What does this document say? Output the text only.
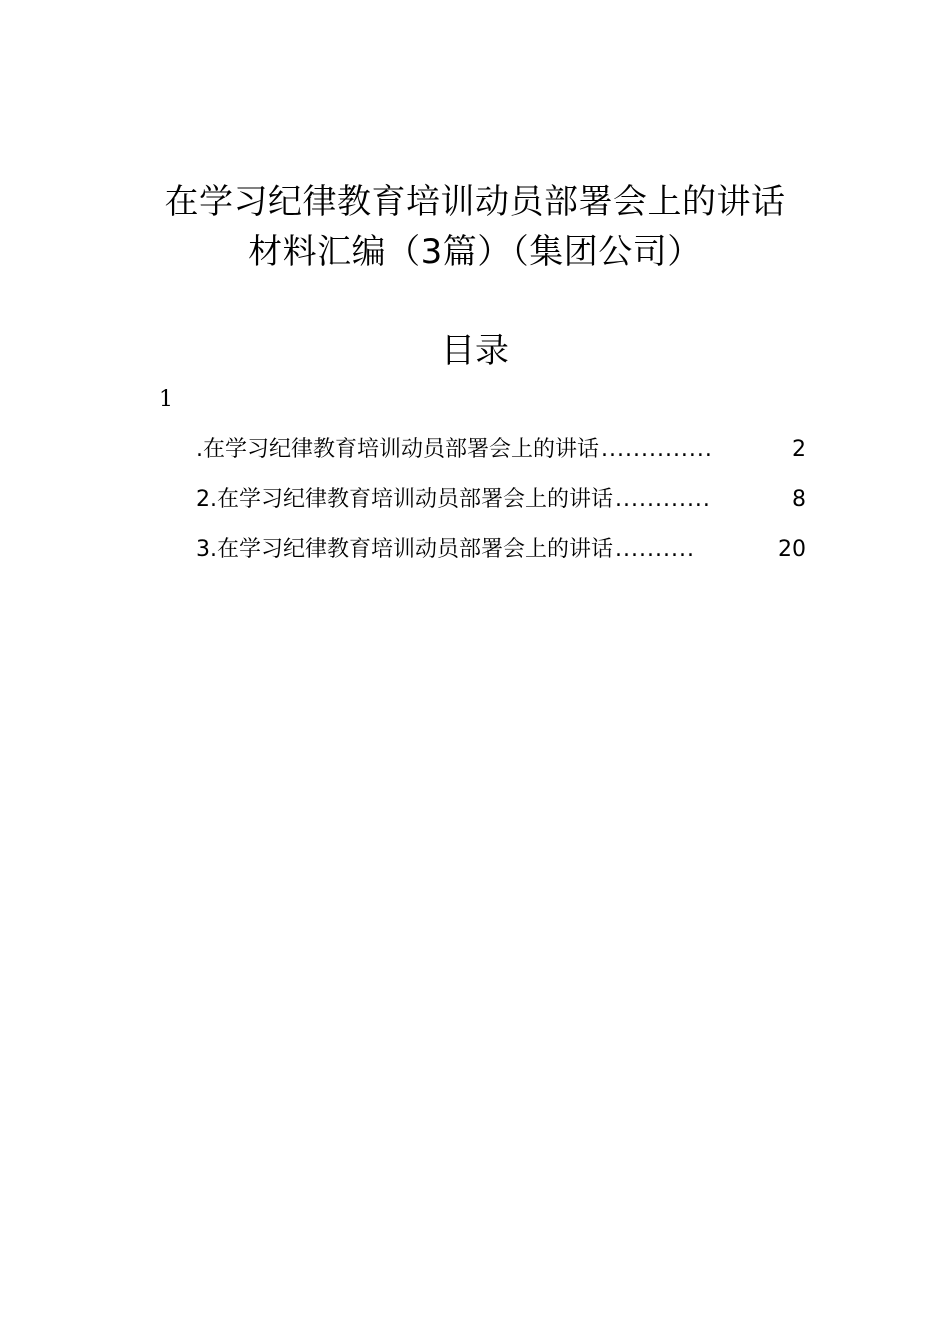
在学习纪律教育培训动员部署会上的讲话
材料汇编（3篇）（集团公司）
目录
1
.在学习纪律教育培训动员部署会上的讲话 ..............	2
2.在学习纪律教育培训动员部署会上的讲话 ............	8
3.在学习纪律教育培训动员部署会上的讲话 ..........	20
